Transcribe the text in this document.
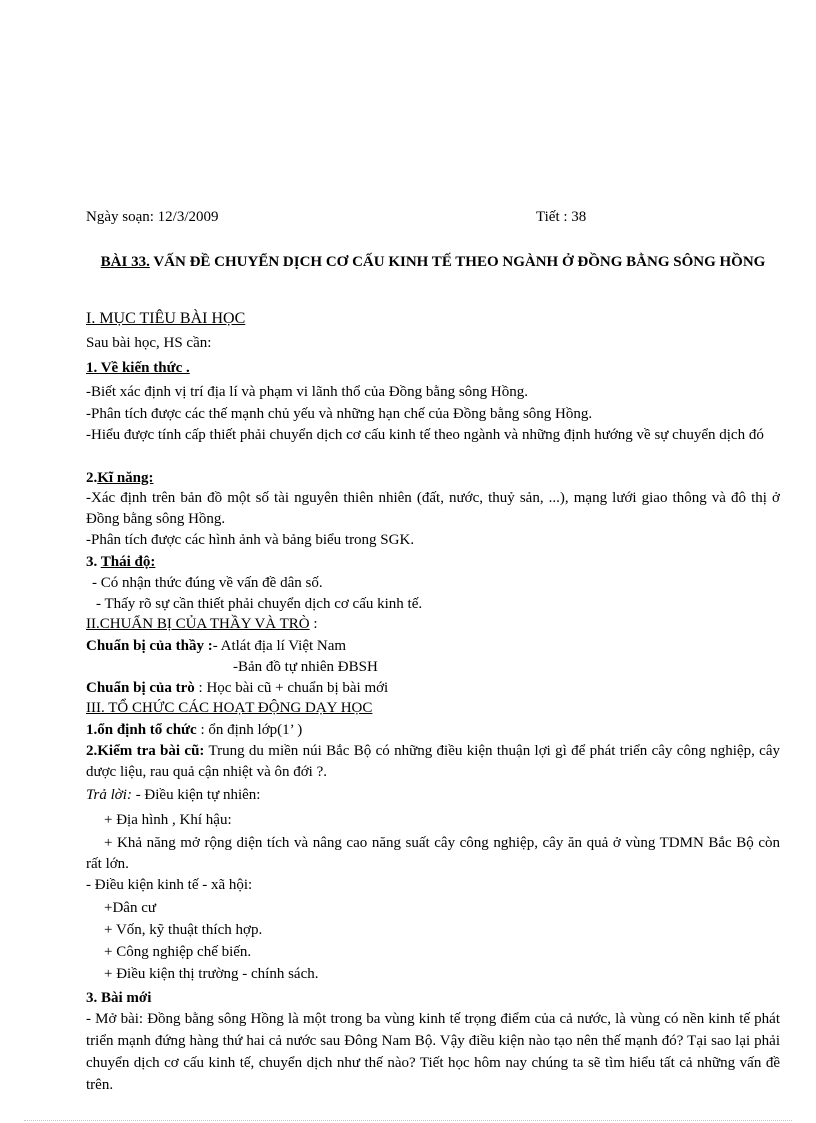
Ngày soạn: 12/3/2009	Tiết : 38
BÀI 33. VẤN ĐỀ CHUYỂN DỊCH CƠ CẤU KINH TẾ THEO NGÀNH Ở ĐỒNG BẰNG SÔNG HỒNG
I. MỤC TIÊU BÀI HỌC
Sau bài học, HS cần:
1. Về kiến thức .
-Biết xác định vị trí địa lí và phạm vi lãnh thổ của Đồng bằng sông Hồng.
-Phân tích được các thế mạnh chủ yếu và những hạn chế của Đồng bằng sông Hồng.
-Hiểu được tính cấp thiết phải chuyển dịch cơ cấu kinh tế theo ngành và những định hướng về sự chuyển dịch đó
2.Kĩ năng:
-Xác định trên bản đồ một số tài nguyên thiên nhiên (đất, nước, thuỷ sản, ...), mạng lưới giao thông và đô thị ở Đồng bằng sông Hồng.
-Phân tích được các hình ảnh và bảng biểu trong SGK.
3. Thái độ:
- Có nhận thức đúng về vấn đề dân số.
- Thấy rõ sự cần thiết phải chuyển dịch cơ cấu kinh tế.
II.CHUẨN BỊ CỦA THẦY VÀ TRÒ :
Chuẩn bị của thầy :- Atlát địa lí Việt Nam
-Bản đồ tự nhiên ĐBSH
Chuẩn bị của trò : Học bài cũ + chuẩn bị bài mới
III. TỔ CHỨC CÁC HOẠT ĐỘNG DẠY HỌC
1.ổn định tổ chức : ổn định lớp(1’ )
2.Kiểm tra bài cũ: Trung du miền núi Bắc Bộ có những điều kiện thuận lợi gì để phát triển cây công nghiệp, cây dược liệu, rau quả cận nhiệt và ôn đới ?.
Trả lời: - Điều kiện tự nhiên:
+ Địa hình , Khí hậu:
+ Khả năng mở rộng diện tích và nâng cao năng suất cây công nghiệp, cây ăn quả ở vùng TDMN Bắc Bộ còn rất lớn.
- Điều kiện kinh tế - xã hội:
+Dân cư
+ Vốn, kỹ thuật thích hợp.
+ Công nghiệp chế biến.
+ Điều kiện thị trường - chính sách.
3. Bài mới
- Mở bài: Đồng bằng sông Hồng là một trong ba vùng kinh tế trọng điểm của cả nước, là vùng có nền kinh tế phát triển mạnh đứng hàng thứ hai cả nước sau Đông Nam Bộ. Vậy điều kiện nào tạo nên thế mạnh đó? Tại sao lại phải chuyển dịch cơ cấu kinh tế, chuyển dịch như thế nào? Tiết học hôm nay chúng ta sẽ tìm hiểu tất cả những vấn đề trên.
